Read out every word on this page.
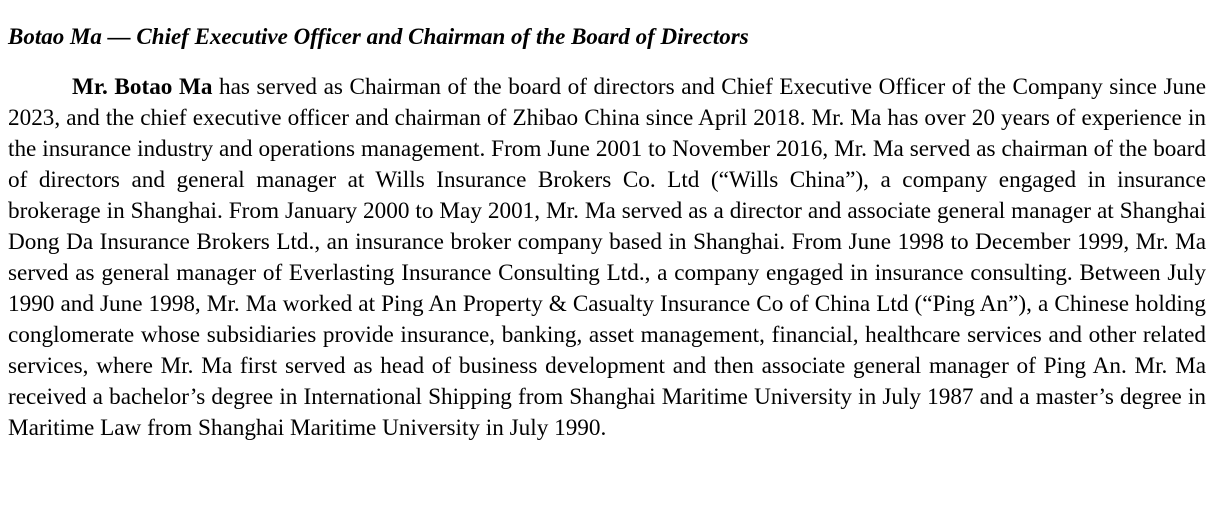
Botao Ma — Chief Executive Officer and Chairman of the Board of Directors

Mr. Botao Ma has served as Chairman of the board of directors and Chief Executive Officer of the Company since June 2023, and the chief executive officer and chairman of Zhibao China since April 2018. Mr. Ma has over 20 years of experience in the insurance industry and operations management. From June 2001 to November 2016, Mr. Ma served as chairman of the board of directors and general manager at Wills Insurance Brokers Co. Ltd (“Wills China”), a company engaged in insurance brokerage in Shanghai. From January 2000 to May 2001, Mr. Ma served as a director and associate general manager at Shanghai Dong Da Insurance Brokers Ltd., an insurance broker company based in Shanghai. From June 1998 to December 1999, Mr. Ma served as general manager of Everlasting Insurance Consulting Ltd., a company engaged in insurance consulting. Between July 1990 and June 1998, Mr. Ma worked at Ping An Property & Casualty Insurance Co of China Ltd (“Ping An”), a Chinese holding conglomerate whose subsidiaries provide insurance, banking, asset management, financial, healthcare services and other related services, where Mr. Ma first served as head of business development and then associate general manager of Ping An. Mr. Ma received a bachelor’s degree in International Shipping from Shanghai Maritime University in July 1987 and a master’s degree in Maritime Law from Shanghai Maritime University in July 1990.
